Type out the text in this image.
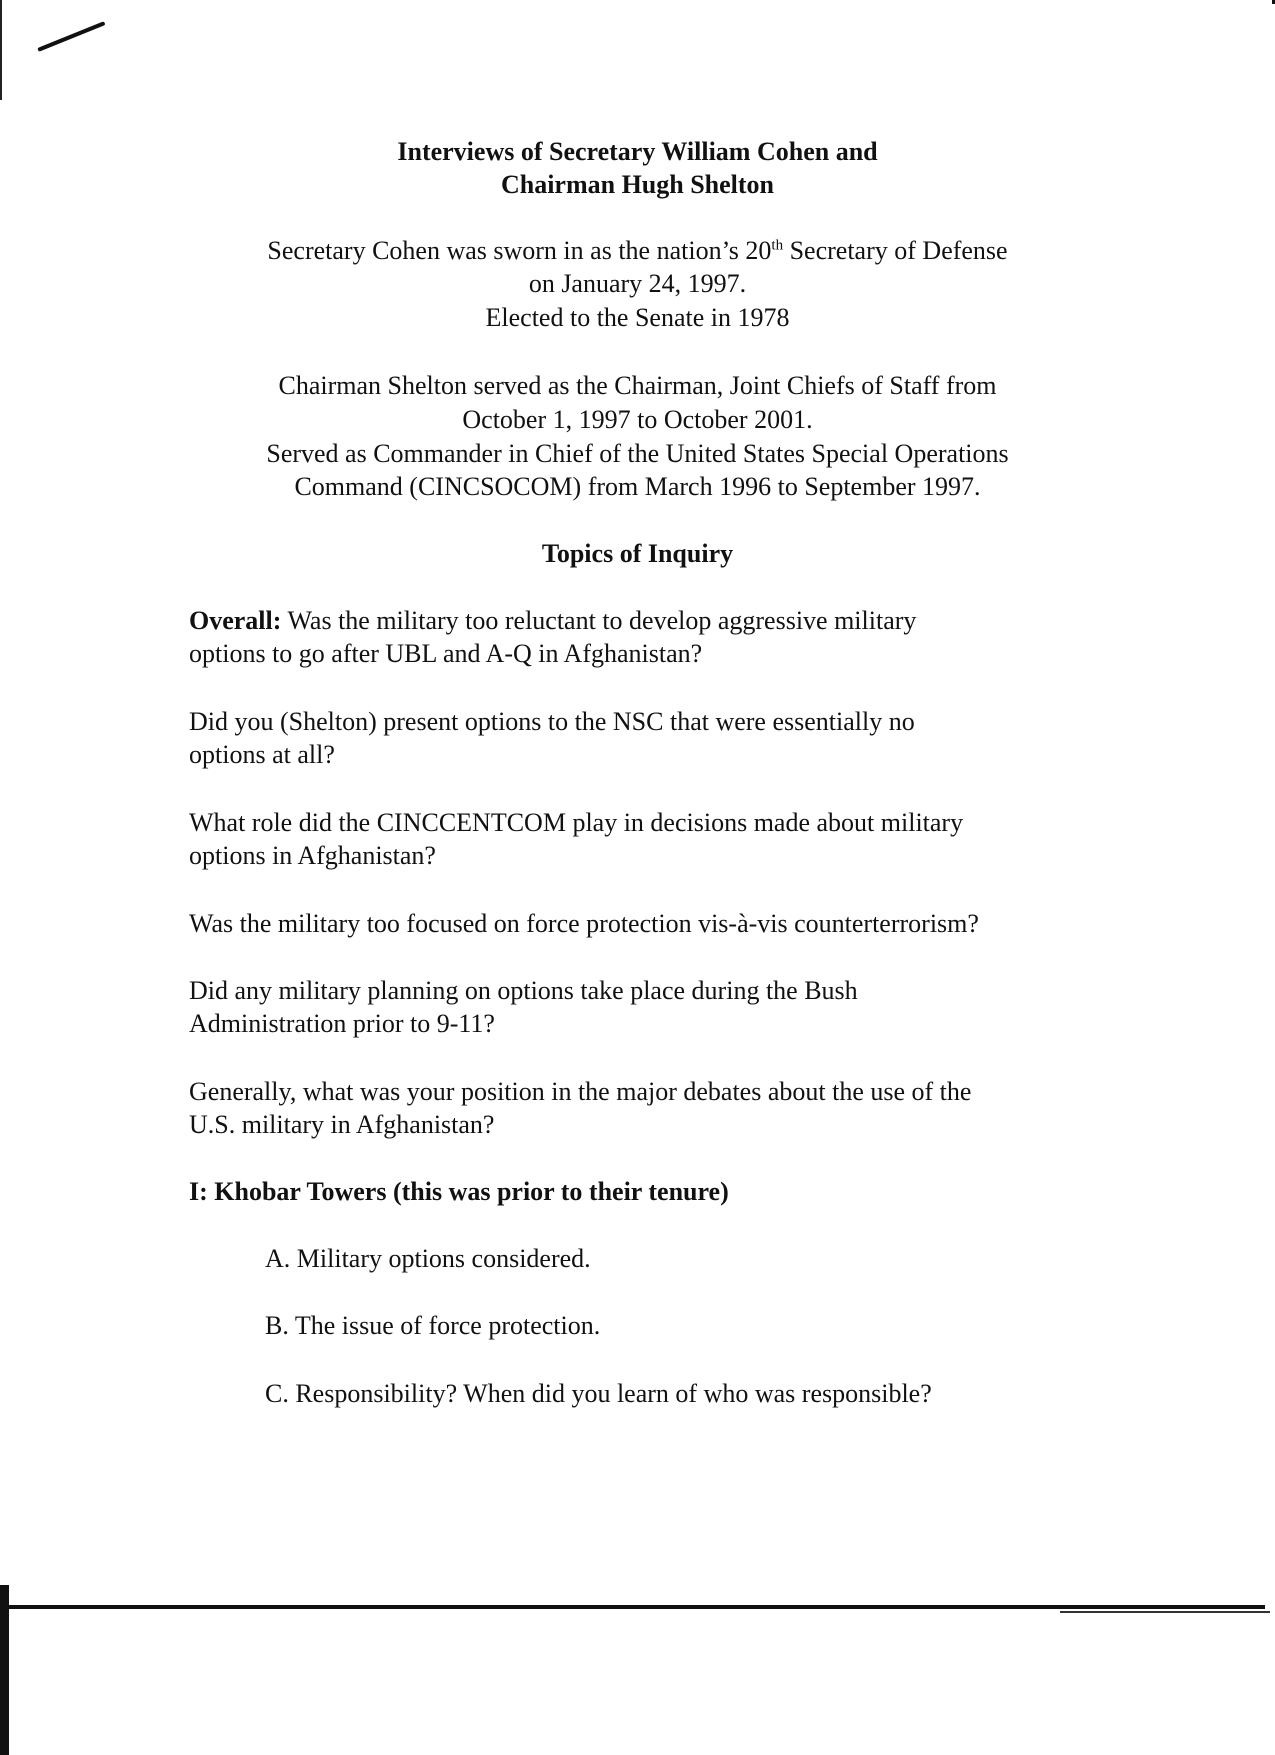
Interviews of Secretary William Cohen and
Chairman Hugh Shelton
Secretary Cohen was sworn in as the nation’s 20th Secretary of Defense
on January 24, 1997.
Elected to the Senate in 1978
Chairman Shelton served as the Chairman, Joint Chiefs of Staff from
October 1, 1997 to October 2001.
Served as Commander in Chief of the United States Special Operations
Command (CINCSOCOM) from March 1996 to September 1997.
Topics of Inquiry
Overall: Was the military too reluctant to develop aggressive military
options to go after UBL and A-Q in Afghanistan?
Did you (Shelton) present options to the NSC that were essentially no
options at all?
What role did the CINCCENTCOM play in decisions made about military
options in Afghanistan?
Was the military too focused on force protection vis-à-vis counterterrorism?
Did any military planning on options take place during the Bush
Administration prior to 9-11?
Generally, what was your position in the major debates about the use of the
U.S. military in Afghanistan?
I: Khobar Towers (this was prior to their tenure)
A. Military options considered.
B. The issue of force protection.
C. Responsibility? When did you learn of who was responsible?
